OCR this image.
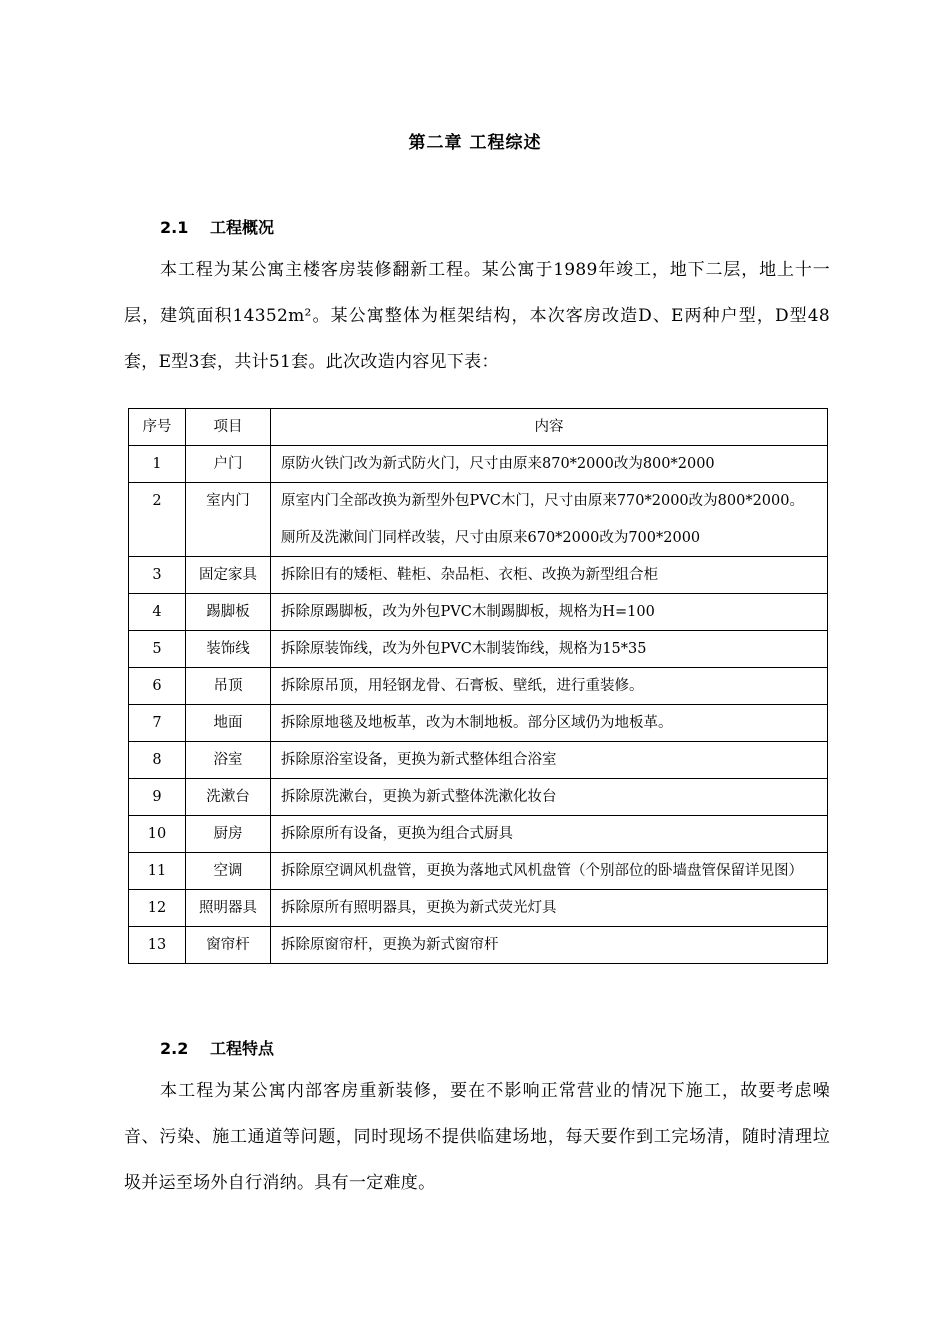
第二章 工程综述
2.1 工程概况
本工程为某公寓主楼客房装修翻新工程。某公寓于1989年竣工，地下二层，地上十一层，建筑面积14352m²。某公寓整体为框架结构，本次客房改造D、E两种户型，D型48套，E型3套，共计51套。此次改造内容见下表：
序号	项目	内容
1	户门	原防火铁门改为新式防火门，尺寸由原来870*2000改为800*2000

2	室内门	原室内门全部改换为新型外包PVC木门，尺寸由原来770*2000改为800*2000。
厕所及洗漱间门同样改装，尺寸由原来670*2000改为700*2000

3	固定家具	拆除旧有的矮柜、鞋柜、杂品柜、衣柜、改换为新型组合柜

4	踢脚板	拆除原踢脚板，改为外包PVC木制踢脚板，规格为H=100

5	装饰线	拆除原装饰线，改为外包PVC木制装饰线，规格为15*35

6	吊顶	拆除原吊顶，用轻钢龙骨、石膏板、壁纸，进行重装修。

7	地面	拆除原地毯及地板革，改为木制地板。部分区域仍为地板革。

8	浴室	拆除原浴室设备，更换为新式整体组合浴室

9	洗漱台	拆除原洗漱台，更换为新式整体洗漱化妆台

10	厨房	拆除原所有设备，更换为组合式厨具

11	空调	拆除原空调风机盘管，更换为落地式风机盘管（个别部位的卧墙盘管保留详见图）

12	照明器具	拆除原所有照明器具，更换为新式荧光灯具

13	窗帘杆	拆除原窗帘杆，更换为新式窗帘杆
2.2 工程特点
本工程为某公寓内部客房重新装修，要在不影响正常营业的情况下施工，故要考虑噪音、污染、施工通道等问题，同时现场不提供临建场地，每天要作到工完场清，随时清理垃圾并运至场外自行消纳。具有一定难度。
